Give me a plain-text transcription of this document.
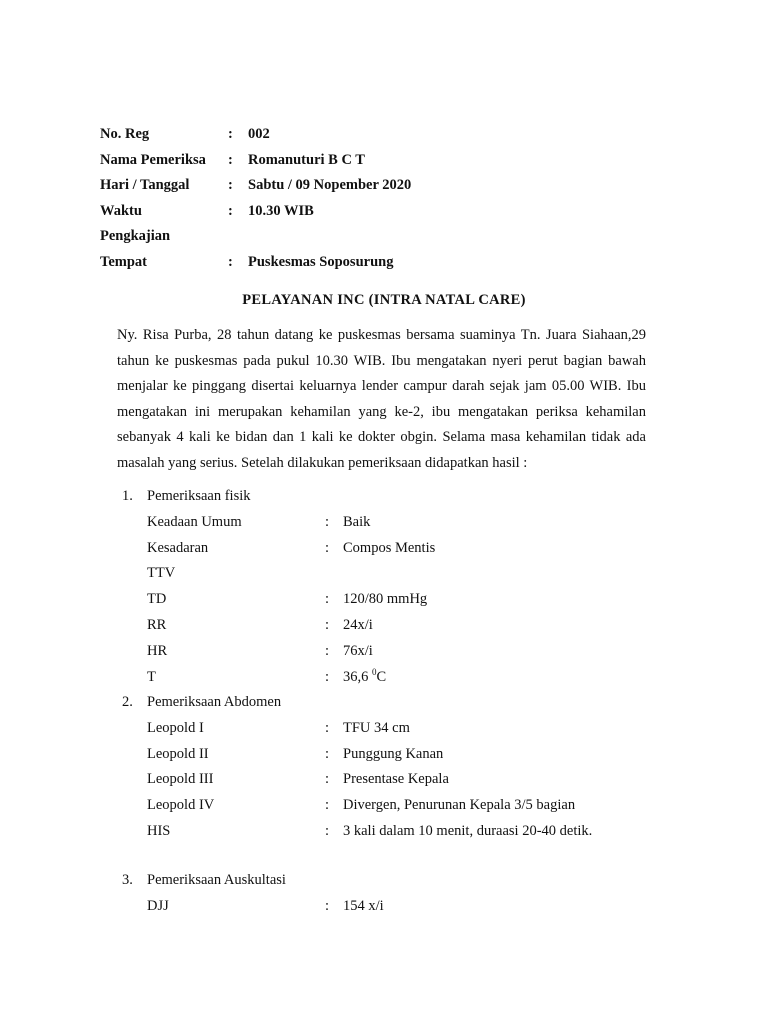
No. Reg	:	002
Nama Pemeriksa	:	Romanuturi B C T
Hari / Tanggal	:	Sabtu / 09 Nopember 2020
Waktu	:	10.30 WIB
Pengkajian
Tempat	:	Puskesmas Soposurung
PELAYANAN INC (INTRA NATAL CARE)

Ny. Risa Purba, 28 tahun datang ke puskesmas bersama suaminya Tn. Juara Siahaan,29 tahun ke puskesmas pada pukul 10.30 WIB. Ibu mengatakan nyeri perut bagian bawah menjalar ke pinggang disertai keluarnya lender campur darah sejak jam 05.00 WIB. Ibu mengatakan ini merupakan kehamilan yang ke-2, ibu mengatakan periksa kehamilan sebanyak 4 kali ke bidan dan 1 kali ke dokter obgin. Selama masa kehamilan tidak ada masalah yang serius. Setelah dilakukan pemeriksaan didapatkan hasil :

1. Pemeriksaan fisik
Keadaan Umum	: Baik
Kesadaran	: Compos Mentis
TTV
TD	: 120/80 mmHg
RR	: 24x/i
HR	: 76x/i
T	: 36,6 $^0$C
2. Pemeriksaan Abdomen
Leopold I	: TFU 34 cm
Leopold II	: Punggung Kanan
Leopold III	: Presentase Kepala
Leopold IV	: Divergen, Penurunan Kepala 3/5 bagian
HIS	: 3 kali dalam 10 menit, duraasi 20-40 detik.
3. Pemeriksaan Auskultasi
DJJ	: 154 x/i
